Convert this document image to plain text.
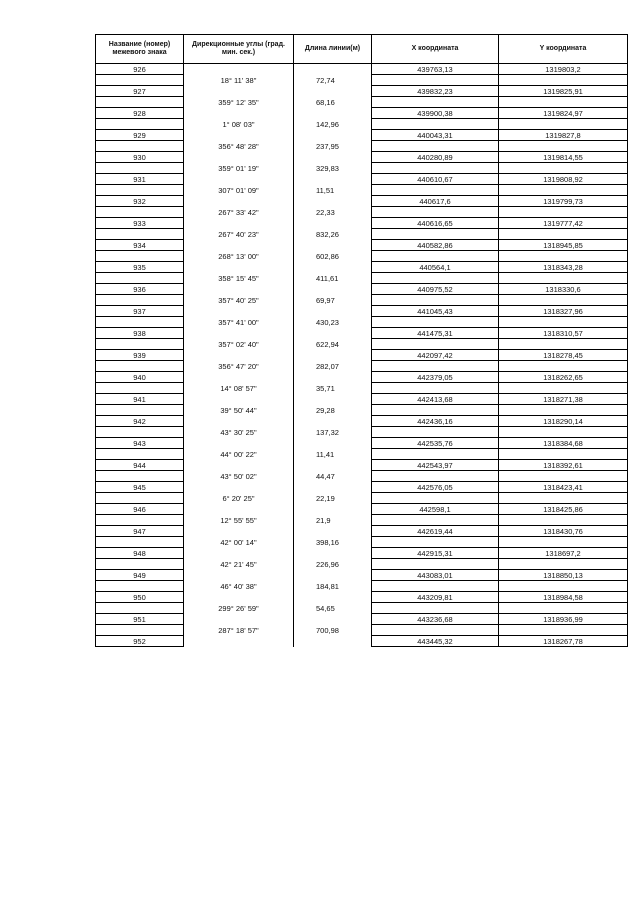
Название (номер) межевого знака	Дирекционные углы (град. мин. сек.)	Длина линии(м)	X координата	Y координата
926			439763,13	1319803,2
	18° 11' 38"	72,74		
927			439832,23	1319825,91
	359° 12' 35"	68,16		
928			439900,38	1319824,97
	1° 08' 03"	142,96		
929			440043,31	1319827,8
	356° 48' 28"	237,95		
930			440280,89	1319814,55
	359° 01' 19"	329,83		
931			440610,67	1319808,92
	307° 01' 09"	11,51		
932			440617,6	1319799,73
	267° 33' 42"	22,33		
933			440616,65	1319777,42
	267° 40' 23"	832,26		
934			440582,86	1318945,85
	268° 13' 00"	602,86		
935			440564,1	1318343,28
	358° 15' 45"	411,61		
936			440975,52	1318330,6
	357° 40' 25"	69,97		
937			441045,43	1318327,96
	357° 41' 00"	430,23		
938			441475,31	1318310,57
	357° 02' 40"	622,94		
939			442097,42	1318278,45
	356° 47' 20"	282,07		
940			442379,05	1318262,65
	14° 08' 57"	35,71		
941			442413,68	1318271,38
	39° 50' 44"	29,28		
942			442436,16	1318290,14
	43° 30' 25"	137,32		
943			442535,76	1318384,68
	44° 00' 22"	11,41		
944			442543,97	1318392,61
	43° 50' 02"	44,47		
945			442576,05	1318423,41
	6° 20' 25"	22,19		
946			442598,1	1318425,86
	12° 55' 55"	21,9		
947			442619,44	1318430,76
	42° 00' 14"	398,16		
948			442915,31	1318697,2
	42° 21' 45"	226,96		
949			443083,01	1318850,13
	46° 40' 38"	184,81		
950			443209,81	1318984,58
	299° 26' 59"	54,65		
951			443236,68	1318936,99
	287° 18' 57"	700,98		
952			443445,32	1318267,78
